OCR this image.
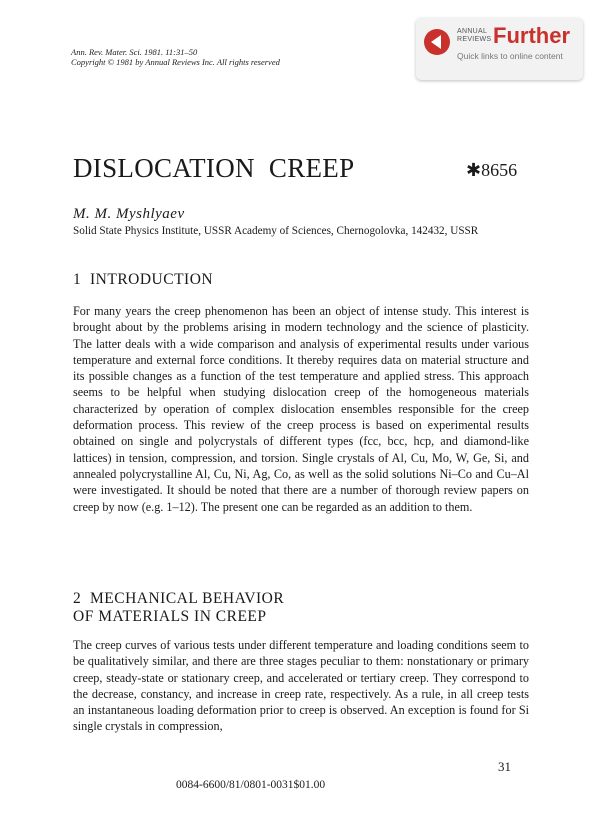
Ann. Rev. Mater. Sci. 1981. 11:31–50
Copyright © 1981 by Annual Reviews Inc. All rights reserved
ANNUAL
REVIEWS Further
Quick links to online content
DISLOCATION  CREEP	✱8656
M. M. Myshlyaev
Solid State Physics Institute, USSR Academy of Sciences, Chernogolovka, 142432, USSR
1  INTRODUCTION
For many years the creep phenomenon has been an object of intense study. This interest is brought about by the problems arising in modern technology and the science of plasticity. The latter deals with a wide comparison and analysis of experimental results under various temperature and external force conditions. It thereby requires data on material structure and its possible changes as a function of the test temperature and applied stress. This approach seems to be helpful when studying dislocation creep of the homogeneous materials characterized by operation of complex dislocation ensembles responsible for the creep deformation process. This review of the creep process is based on experimental results obtained on single and polycrystals of different types (fcc, bcc, hcp, and diamond-like lattices) in tension, compression, and torsion. Single crystals of Al, Cu, Mo, W, Ge, Si, and annealed polycrystalline Al, Cu, Ni, Ag, Co, as well as the solid solutions Ni–Co and Cu–Al were investigated. It should be noted that there are a number of thorough review papers on creep by now (e.g. 1–12). The present one can be regarded as an addition to them.
2  MECHANICAL BEHAVIOR
OF MATERIALS IN CREEP
The creep curves of various tests under different temperature and loading conditions seem to be qualitatively similar, and there are three stages peculiar to them: nonstationary or primary creep, steady-state or stationary creep, and accelerated or tertiary creep. They correspond to the decrease, constancy, and increase in creep rate, respectively. As a rule, in all creep tests an instantaneous loading deformation prior to creep is observed. An exception is found for Si single crystals in compression,
31
0084-6600/81/0801-0031$01.00
